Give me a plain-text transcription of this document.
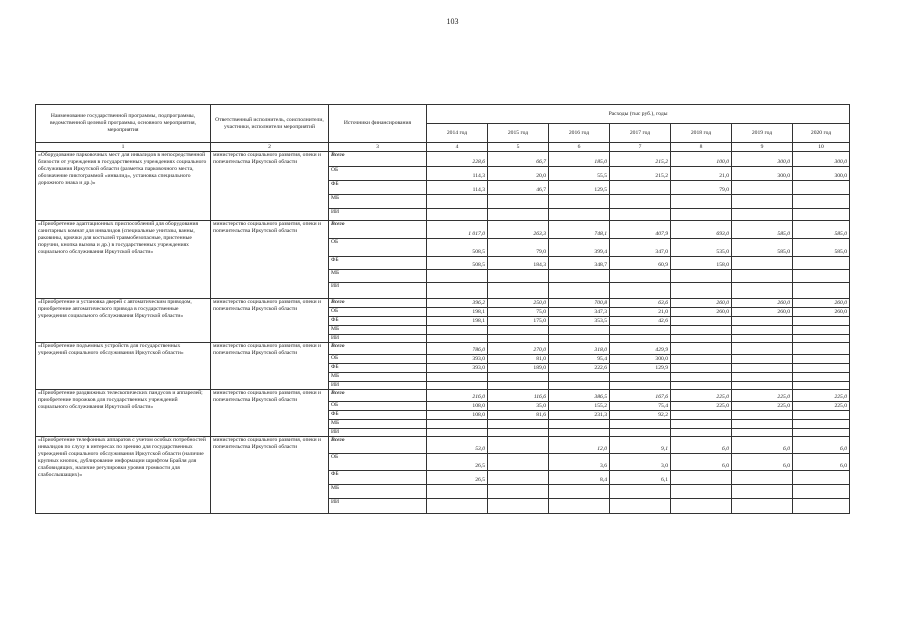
103
Наименование государственной программы, подпрограммы, ведомственной целевой программы, основного мероприятия, мероприятия	Ответственный исполнитель, соисполнители, участники, исполнители мероприятий	Источники финансирования	Расходы (тыс руб.), годы						
			2014 год	2015 год	2016 год	2017 год	2018 год	2019 год	2020 год
1	2	3	4	5	6	7	8	9	10
«Оборудование парковочных мест для инвалидов в непосредственной близости от учреждения в государственных учреждениях социального обслуживания Иркутской области (разметка парковочного места, обозначение пиктограммой «инвалид», установка специального дорожного знака и др.)»	министерство социального развития, опеки и попечительства Иркутской области	Всего	228,6	66,7	185,0	215,2	100,0	300,0	300,0
		ОБ	114,3	20,0	55,5	215,2	21,0	300,0	300,0
		ФБ	114,3	46,7	129,5		79,0		
		МБ							
		ИИ							
«Приобретение адаптационных приспособлений для оборудования санитарных комнат для инвалидов (специальные унитазы, ванны, раковины, крючки для костылей травмобезопасные, пристенные поручни, кнопка вызова и др.) в государственных учреждениях социального обслуживания Иркутской области»	министерство социального развития, опеки и попечительства Иркутской области	Всего	1 017,0	263,3	748,1	407,9	693,0	585,0	585,0
		ОБ	508,5	79,0	399,4	347,0	535,0	585,0	585,0
		ФБ	508,5	184,3	348,7	60,9	158,0		
		МБ							
		ИИ							
«Приобретение и установка дверей с автоматическим приводом, приобретение автоматического привода в государственные учреждения социального обслуживания Иркутской области»	министерство социального развития, опеки и попечительства Иркутской области	Всего	396,2	250,0	700,8	63,6	260,0	260,0	260,0
		ОБ	198,1	75,0	347,3	21,0	260,0	260,0	260,0
		ФБ	198,1	175,0	353,5	42,6			
		МБ							
		ИИ							
«Приобретение подъемных устройств для государственных учреждений социального обслуживания Иркутской области»	министерство социального развития, опеки и попечительства Иркутской области	Всего	786,0	270,0	318,0	429,9			
		ОБ	393,0	81,0	95,4	300,0			
		ФБ	393,0	189,0	222,6	129,9			
		МБ							
		ИИ							
«Приобретение раздвижных телескопических пандусов и аппарелей; приобретение порожков для государственных учреждений социального обслуживания Иркутской области»	министерство социального развития, опеки и попечительства Иркутской области	Всего	216,0	116,6	386,5	167,6	225,0	225,0	225,0
		ОБ	108,0	35,0	155,2	75,4	225,0	225,0	225,0
		ФБ	108,0	81,6	231,3	92,2			
		МБ							
		ИИ							
«Приобретение телефонных аппаратов с учетом особых потребностей инвалидов по слуху в интересах по зрению для государственных учреждений социального обслуживания Иркутской области (наличие крупных кнопок, дублирование информации шрифтом Брайля для слабовидящих, наличие регулировки уровня громкости для слабослышащих)»	министерство социального развития, опеки и попечительства Иркутской области	Всего	53,0		12,0	9,1	6,0	6,0	6,0
		ОБ	26,5		3,6	3,0	6,0	6,0	6,0
		ФБ	26,5		8,4	6,1			
		МБ							
		ИИ							
